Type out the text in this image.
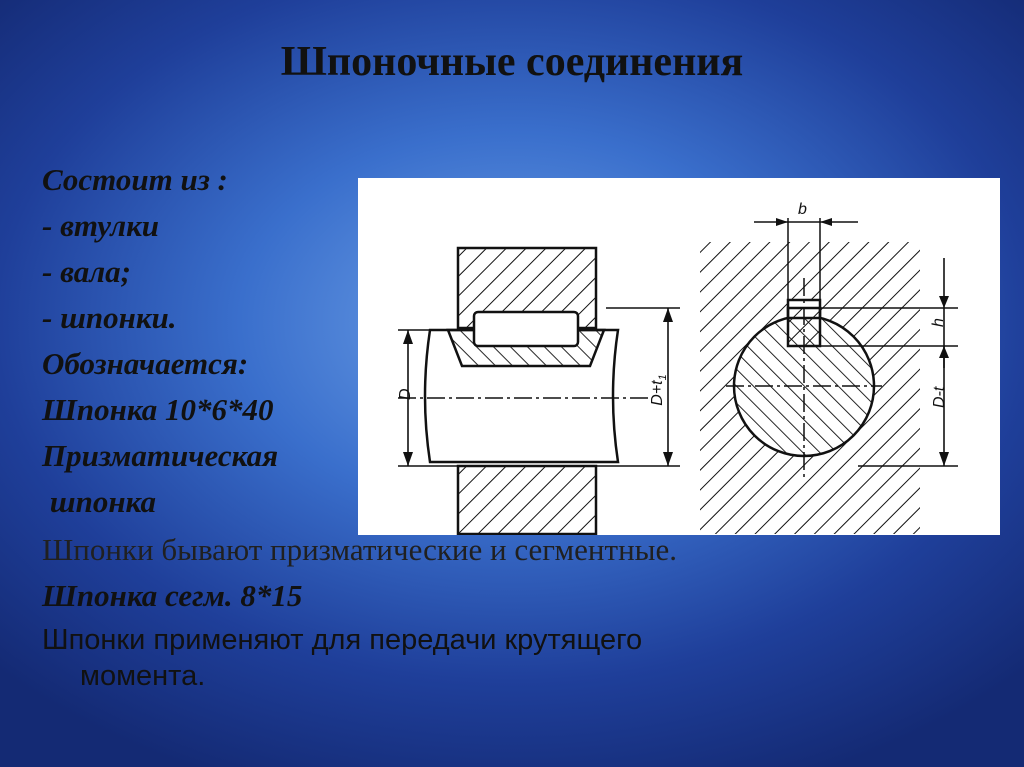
Шпоночные соединения
Состоит из :
- втулки
- вала;
- шпонки.
Обозначается:
Шпонка 10*6*40
Призматическая
шпонка
D	$D+t_1$
b
h
D-t
Шпонки бывают призматические и сегментные.
Шпонка сегм. 8*15
Шпонки применяют для передачи крутящего
момента.
